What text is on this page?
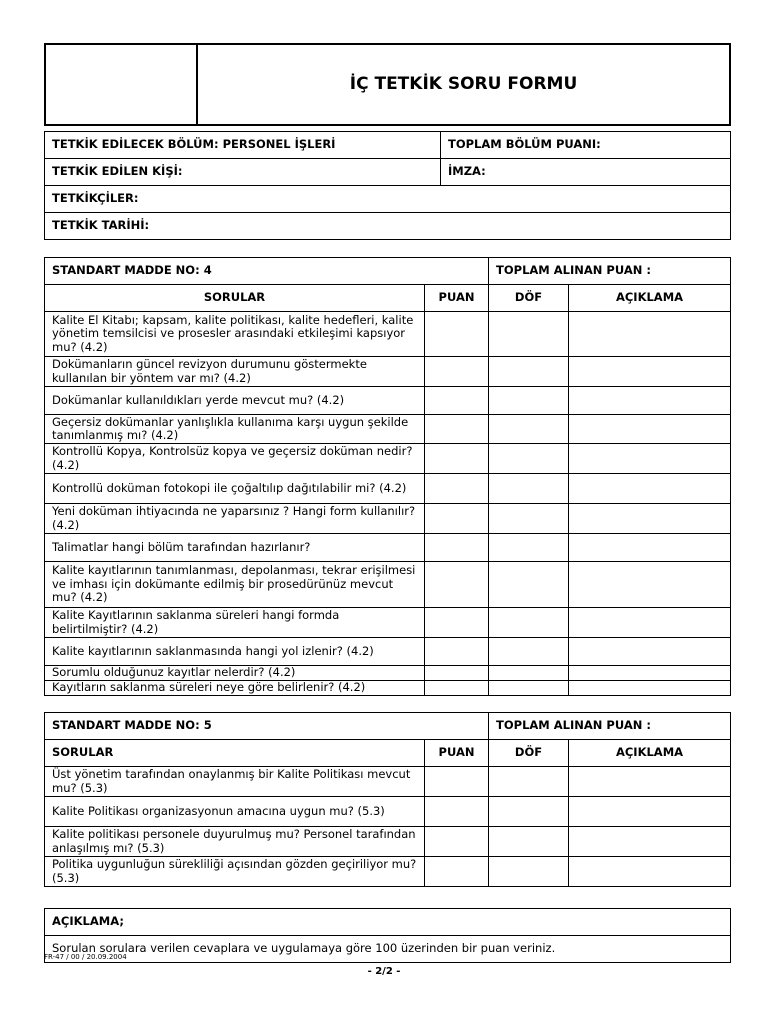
	İÇ TETKİK SORU FORMU
TETKİK EDİLECEK BÖLÜM: PERSONEL İŞLERİ	TOPLAM BÖLÜM PUANI:
TETKİK EDİLEN KİŞİ:	İMZA:
TETKİKÇİLER:	
TETKİK TARİHİ:	
STANDART MADDE NO: 4		TOPLAM ALINAN PUAN :	
SORULAR	PUAN	DÖF	AÇIKLAMA
Kalite El Kitabı; kapsam, kalite politikası, kalite hedefleri, kalite yönetim temsilcisi ve prosesler arasındaki etkileşimi kapsıyor mu? (4.2)			
Dokümanların güncel revizyon durumunu göstermekte kullanılan bir yöntem var mı? (4.2)			
Dokümanlar kullanıldıkları yerde mevcut mu? (4.2)			
Geçersiz dokümanlar yanlışlıkla kullanıma karşı uygun şekilde tanımlanmış mı? (4.2)			
Kontrollü Kopya, Kontrolsüz kopya ve geçersiz doküman nedir? (4.2)			
Kontrollü doküman fotokopi ile çoğaltılıp dağıtılabilir mi? (4.2)			
Yeni doküman ihtiyacında ne yaparsınız ? Hangi form kullanılır? (4.2)			
Talimatlar hangi bölüm tarafından hazırlanır?			
Kalite kayıtlarının tanımlanması, depolanması, tekrar erişilmesi ve imhası için dokümante edilmiş bir prosedürünüz mevcut mu? (4.2)			
Kalite Kayıtlarının saklanma süreleri hangi formda belirtilmiştir? (4.2)			
Kalite kayıtlarının saklanmasında hangi yol izlenir? (4.2)			
Sorumlu olduğunuz kayıtlar nelerdir? (4.2)			
Kayıtların saklanma süreleri neye göre belirlenir? (4.2)			
STANDART MADDE NO: 5		TOPLAM ALINAN PUAN :	
SORULAR	PUAN	DÖF	AÇIKLAMA
Üst yönetim tarafından onaylanmış bir Kalite Politikası mevcut mu? (5.3)			
Kalite Politikası organizasyonun amacına uygun mu? (5.3)			
Kalite politikası personele duyurulmuş mu? Personel tarafından anlaşılmış mı? (5.3)			
Politika uygunluğun sürekliliği açısından gözden geçiriliyor mu? (5.3)			
AÇIKLAMA;
Sorulan sorulara verilen cevaplara ve uygulamaya göre 100 üzerinden bir puan veriniz.
FR-47 / 00 / 20.09.2004
- 2/2 -
